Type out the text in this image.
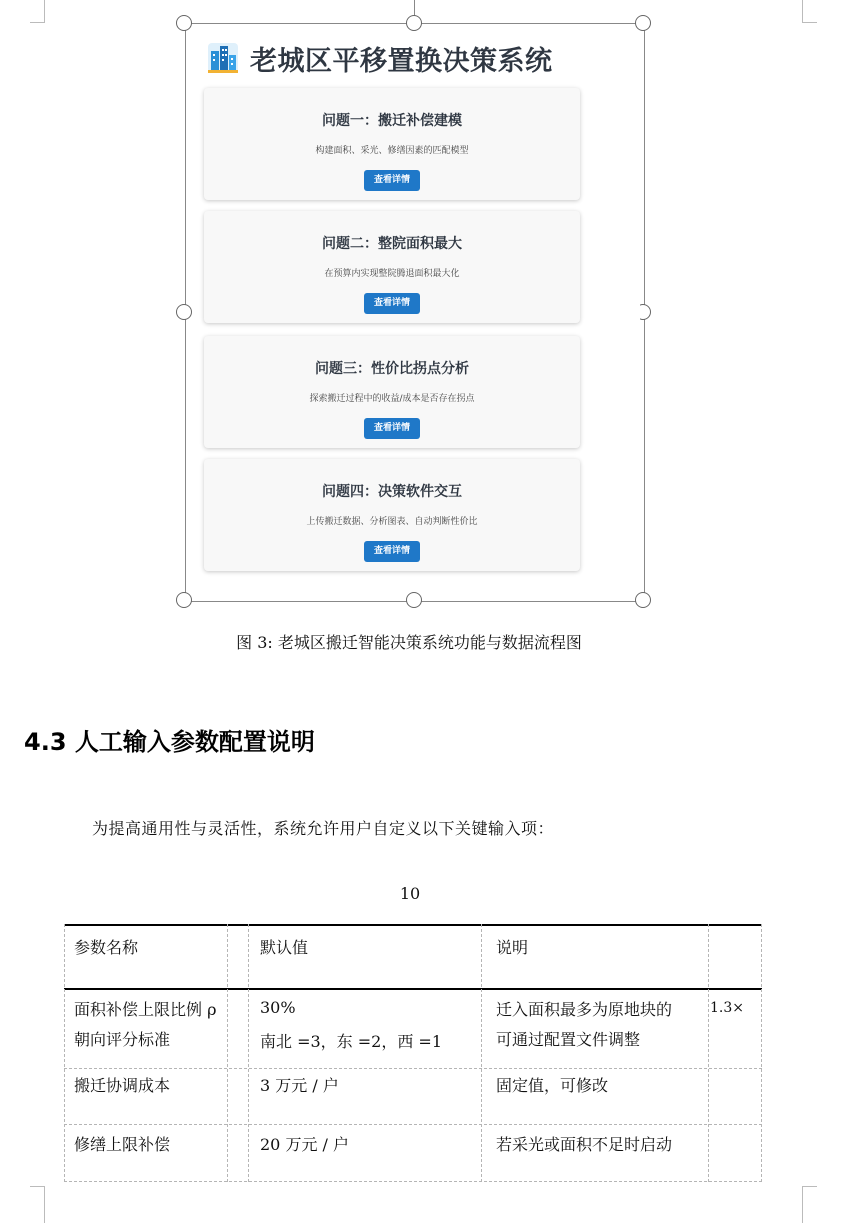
老城区平移置换决策系统
问题一：搬迁补偿建模
构建面积、采光、修缮因素的匹配模型
查看详情
问题二：整院面积最大
在预算内实现整院腾退面积最大化
查看详情
问题三：性价比拐点分析
探索搬迁过程中的收益/成本是否存在拐点
查看详情
问题四：决策软件交互
上传搬迁数据、分析图表、自动判断性价比
查看详情
图 3: 老城区搬迁智能决策系统功能与数据流程图
4.3 人工输入参数配置说明
为提高通用性与灵活性，系统允许用户自定义以下关键输入项：
10
参数名称	默认值	说明
面积补偿上限比例 ρ	30%	迁入面积最多为原地块的	1.3×
朝向评分标准	南北 =3，东 =2，西 =1	可通过配置文件调整
搬迁协调成本	3 万元 / 户	固定值，可修改
修缮上限补偿	20 万元 / 户	若采光或面积不足时启动
